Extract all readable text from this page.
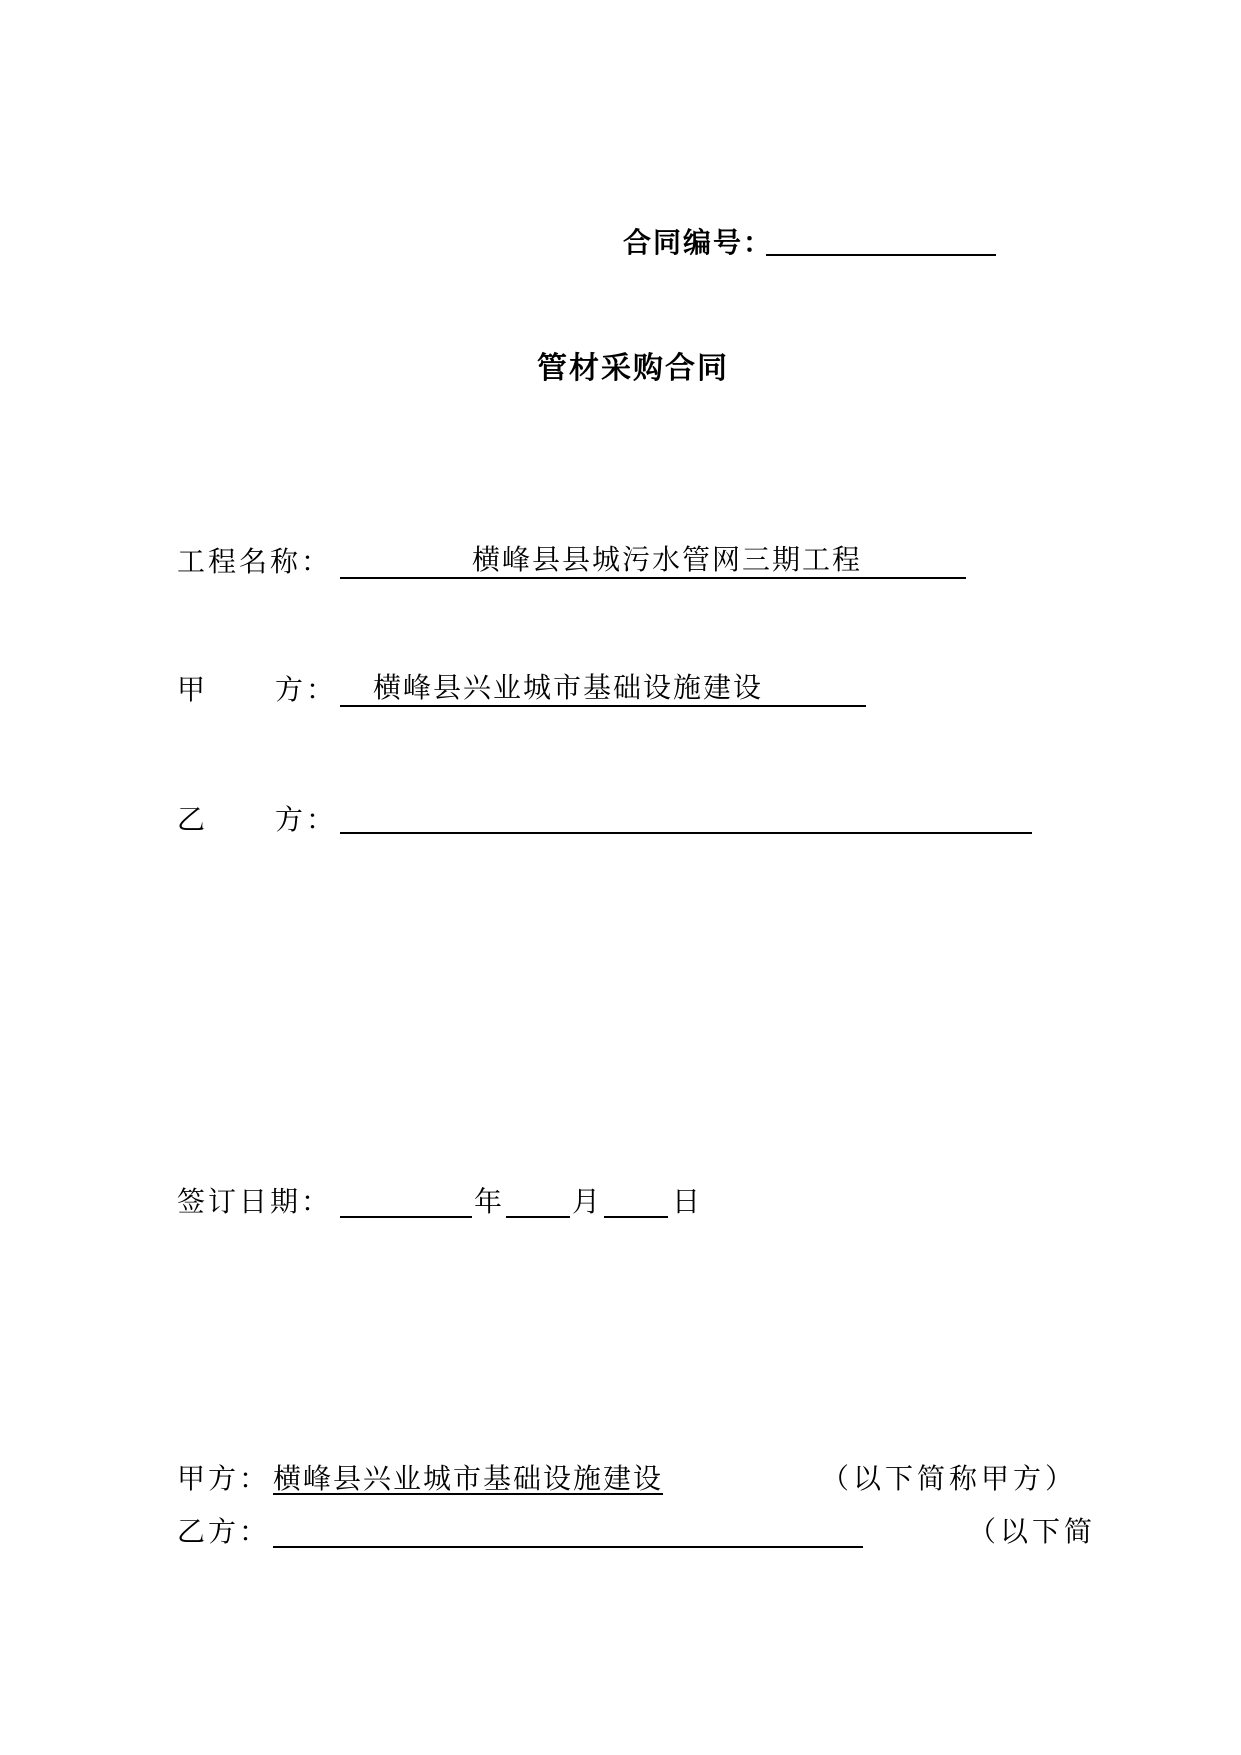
合同编号：
管材采购合同
工程名称：	横峰县县城污水管网三期工程
甲 方： 横峰县兴业城市基础设施建设
乙 方：
签订日期：	年 月 日
甲方： 横峰县兴业城市基础设施建设	（以下简称甲方）
乙方：	（以下简
